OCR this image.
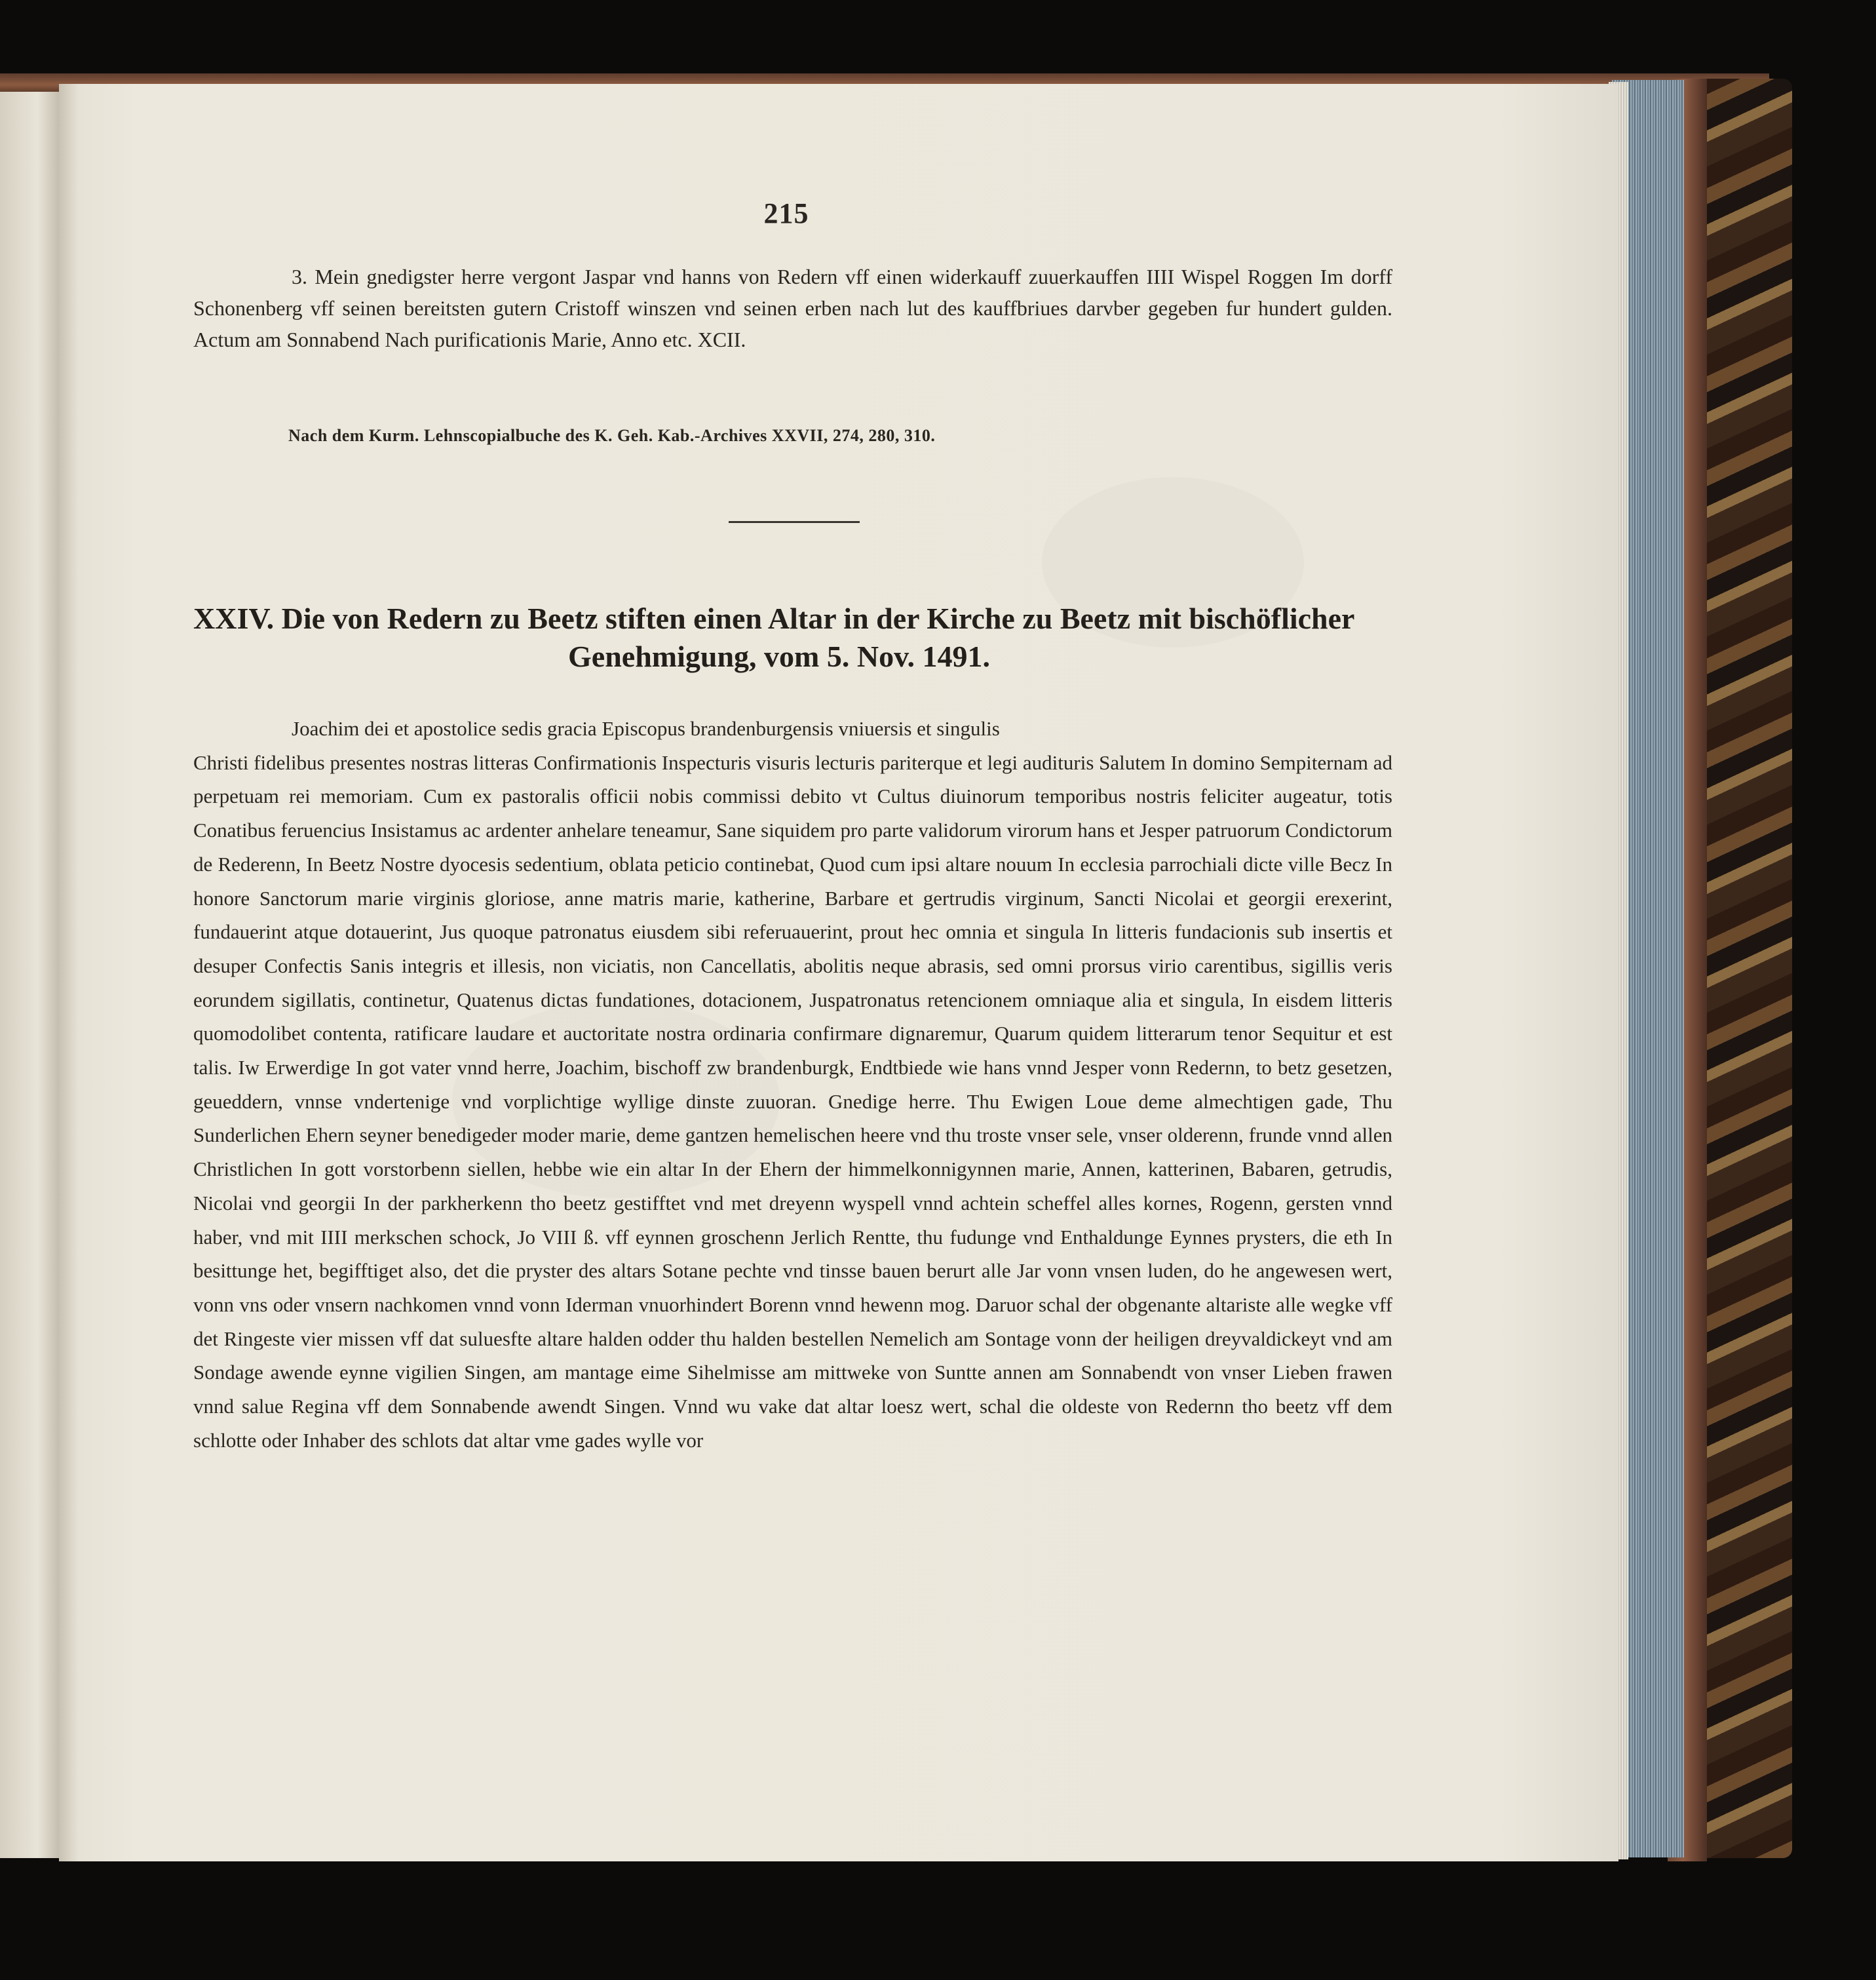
215
3. Mein gnedigster herre vergont Jaspar vnd hanns von Redern vff einen widerkauff zuuerkauffen IIII Wispel Roggen Im dorff Schonenberg vff seinen bereitsten gutern Cristoff winszen vnd seinen erben nach lut des kauffbriues darvber gegeben fur hundert gulden. Actum am Sonnabend Nach purificationis Marie, Anno etc. XCII.
Nach dem Kurm. Lehnscopialbuche des K. Geh. Kab.-Archives XXVII, 274, 280, 310.
XXIV. Die von Redern zu Beetz stiften einen Altar in der Kirche zu Beetz mit bischöflicher
Genehmigung, vom 5. Nov. 1491.
Joachim dei et apostolice sedis gracia Episcopus brandenburgensis vniuersis et singulis
Christi fidelibus presentes nostras litteras Confirmationis Inspecturis visuris lecturis pariterque et legi audituris Salutem In domino Sempiternam ad perpetuam rei memoriam. Cum ex pastoralis officii nobis commissi debito vt Cultus diuinorum temporibus nostris feliciter augeatur, totis Conatibus feruencius Insistamus ac ardenter anhelare teneamur, Sane siquidem pro parte validorum virorum hans et Jesper patruorum Condictorum de Rederenn, In Beetz Nostre dyocesis sedentium, oblata peticio continebat, Quod cum ipsi altare nouum In ecclesia parrochiali dicte ville Becz In honore Sanctorum marie virginis gloriose, anne matris marie, katherine, Barbare et gertrudis virginum, Sancti Nicolai et georgii erexerint, fundauerint atque dotauerint, Jus quoque patronatus eiusdem sibi referuauerint, prout hec omnia et singula In litteris fundacionis sub insertis et desuper Confectis Sanis integris et illesis, non viciatis, non Cancellatis, abolitis neque abrasis, sed omni prorsus virio carentibus, sigillis veris eorundem sigillatis, continetur, Quatenus dictas fundationes, dotacionem, Juspatronatus retencionem omniaque alia et singula, In eisdem litteris quomodolibet contenta, ratificare laudare et auctoritate nostra ordinaria confirmare dignaremur, Quarum quidem litterarum tenor Sequitur et est talis. Iw Erwerdige In got vater vnnd herre, Joachim, bischoff zw brandenburgk, Endtbiede wie hans vnnd Jesper vonn Redernn, to betz gesetzen, geueddern, vnnse vndertenige vnd vorplichtige wyllige dinste zuuoran. Gnedige herre. Thu Ewigen Loue deme almechtigen gade, Thu Sunderlichen Ehern seyner benedigeder moder marie, deme gantzen hemelischen heere vnd thu troste vnser sele, vnser olderenn, frunde vnnd allen Christlichen In gott vorstorbenn siellen, hebbe wie ein altar In der Ehern der himmelkonnigynnen marie, Annen, katterinen, Babaren, getrudis, Nicolai vnd georgii In der parkherkenn tho beetz gestifftet vnd met dreyenn wyspell vnnd achtein scheffel alles kornes, Rogenn, gersten vnnd haber, vnd mit IIII merkschen schock, Jo VIII ß. vff eynnen groschenn Jerlich Rentte, thu fudunge vnd Enthaldunge Eynnes prysters, die eth In besittunge het, begifftiget also, det die pryster des altars Sotane pechte vnd tinsse bauen berurt alle Jar vonn vnsen luden, do he angewesen wert, vonn vns oder vnsern nachkomen vnnd vonn Iderman vnuorhindert Borenn vnnd hewenn mog. Daruor schal der obgenante altariste alle wegke vff det Ringeste vier missen vff dat suluesfte altare halden odder thu halden bestellen Nemelich am Sontage vonn der heiligen dreyvaldickeyt vnd am Sondage awende eynne vigilien Singen, am mantage eime Sihelmisse am mittweke von Suntte annen am Sonnabendt von vnser Lieben frawen vnnd salue Regina vff dem Sonnabende awendt Singen. Vnnd wu vake dat altar loesz wert, schal die oldeste von Redernn tho beetz vff dem schlotte oder Inhaber des schlots dat altar vme gades wylle vor
